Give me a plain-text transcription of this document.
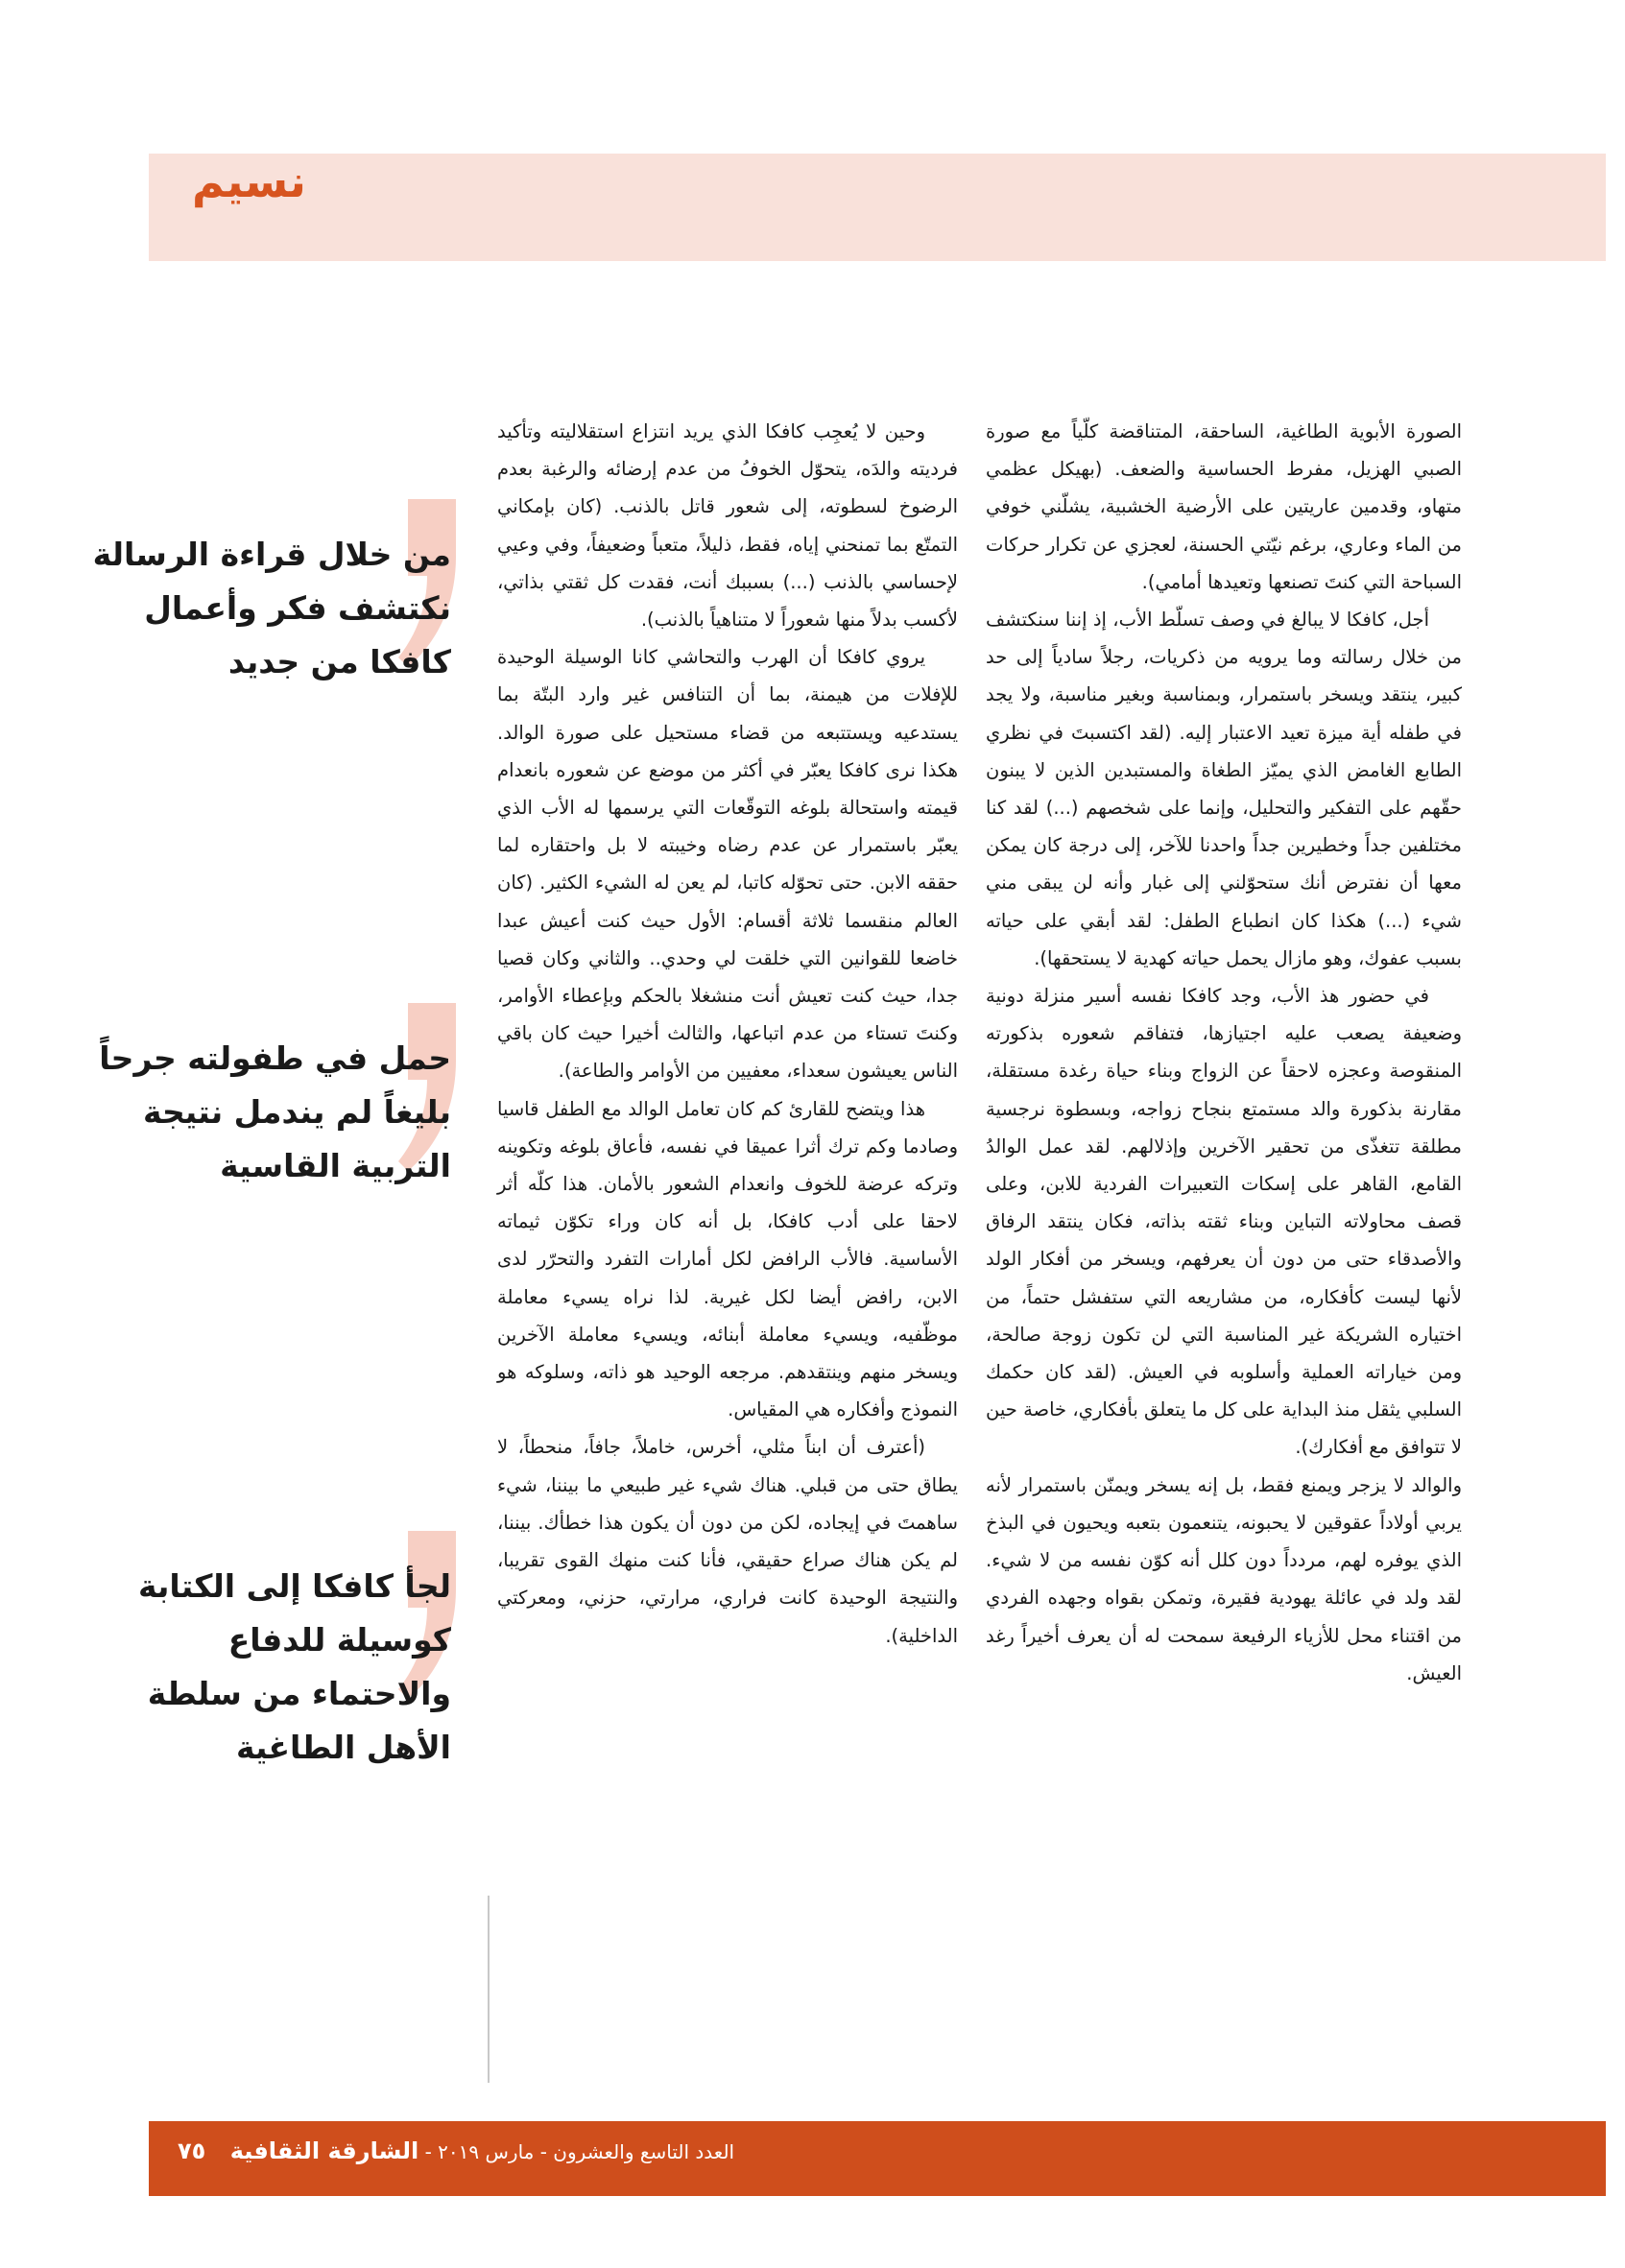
نسيم

الصورة الأبوية الطاغية، الساحقة، المتناقضة كلّياً مع صورة الصبي الهزيل، مفرط الحساسية والضعف. (بهيكل عظمي متهاو، وقدمين عاريتين على الأرضية الخشبية، يشلّني خوفي من الماء وعاري، برغم نيّتي الحسنة، لعجزي عن تكرار حركات السباحة التي كنتَ تصنعها وتعيدها أمامي).

أجل، كافكا لا يبالغ في وصف تسلّط الأب، إذ إننا سنكتشف من خلال رسالته وما يرويه من ذكريات، رجلاً سادياً إلى حد كبير، ينتقد ويسخر باستمرار، وبمناسبة وبغير مناسبة، ولا يجد في طفله أية ميزة تعيد الاعتبار إليه. (لقد اكتسبتَ في نظري الطابع الغامض الذي يميّز الطغاة والمستبدين الذين لا يبنون حقّهم على التفكير والتحليل، وإنما على شخصهم (...) لقد كنا مختلفين جداً وخطيرين جداً واحدنا للآخر، إلى درجة كان يمكن معها أن نفترض أنك ستحوّلني إلى غبار وأنه لن يبقى مني شيء (...) هكذا كان انطباع الطفل: لقد أبقي على حياته بسبب عفوك، وهو مازال يحمل حياته كهدية لا يستحقها).

في حضور هذ الأب، وجد كافكا نفسه أسير منزلة دونية وضعيفة يصعب عليه اجتيازها، فتفاقم شعوره بذكورته المنقوصة وعجزه لاحقاً عن الزواج وبناء حياة رغدة مستقلة، مقارنة بذكورة والد مستمتع بنجاح زواجه، وبسطوة نرجسية مطلقة تتغذّى من تحقير الآخرين وإذلالهم. لقد عمل الوالدُ القامع، القاهر على إسكات التعبيرات الفردية للابن، وعلى قصف محاولاته التباين وبناء ثقته بذاته، فكان ينتقد الرفاق والأصدقاء حتى من دون أن يعرفهم، ويسخر من أفكار الولد لأنها ليست كأفكاره، من مشاريعه التي ستفشل حتماً، من اختياره الشريكة غير المناسبة التي لن تكون زوجة صالحة، ومن خياراته العملية وأسلوبه في العيش. (لقد كان حكمك السلبي يثقل منذ البداية على كل ما يتعلق بأفكاري، خاصة حين لا تتوافق مع أفكارك).

والوالد لا يزجر ويمنع فقط، بل إنه يسخر ويمنّن باستمرار لأنه يربي أولاداً عقوقين لا يحبونه، يتنعمون بتعبه ويحيون في البذخ الذي يوفره لهم، مردداً دون كلل أنه كوّن نفسه من لا شيء. لقد ولد في عائلة يهودية فقيرة، وتمكن بقواه وجهده الفردي من اقتناء محل للأزياء الرفيعة سمحت له أن يعرف أخيراً رغد العيش.

وحين لا يُعجِب كافكا الذي يريد انتزاع استقلاليته وتأكيد فرديته والدَه، يتحوّل الخوفُ من عدم إرضائه والرغبة بعدم الرضوخ لسطوته، إلى شعور قاتل بالذنب. (كان بإمكاني التمتّع بما تمنحني إياه، فقط، ذليلاً، متعباً وضعيفاً، وفي وعيي لإحساسي بالذنب (...) بسببك أنت، فقدت كل ثقتي بذاتي، لأكسب بدلاً منها شعوراً لا متناهياً بالذنب).

يروي كافكا أن الهرب والتحاشي كانا الوسيلة الوحيدة للإفلات من هيمنة، بما أن التنافس غير وارد البتّة بما يستدعيه ويستتبعه من قضاء مستحيل على صورة الوالد. هكذا نرى كافكا يعبّر في أكثر من موضع عن شعوره بانعدام قيمته واستحالة بلوغه التوقّعات التي يرسمها له الأب الذي يعبّر باستمرار عن عدم رضاه وخيبته لا بل واحتقاره لما حققه الابن. حتى تحوّله كاتبا، لم يعن له الشيء الكثير. (كان العالم منقسما ثلاثة أقسام: الأول حيث كنت أعيش عبدا خاضعا للقوانين التي خلقت لي وحدي.. والثاني وكان قصيا جدا، حيث كنت تعيش أنت منشغلا بالحكم وبإعطاء الأوامر، وكنتَ تستاء من عدم اتباعها، والثالث أخيرا حيث كان باقي الناس يعيشون سعداء، معفيين من الأوامر والطاعة).

هذا ويتضح للقارئ كم كان تعامل الوالد مع الطفل قاسيا وصادما وكم ترك أثرا عميقا في نفسه، فأعاق بلوغه وتكوينه وتركه عرضة للخوف وانعدام الشعور بالأمان. هذا كلّه أثر لاحقا على أدب كافكا، بل أنه كان وراء تكوّن ثيماته الأساسية. فالأب الرافض لكل أمارات التفرد والتحرّر لدى الابن، رافض أيضا لكل غيرية. لذا نراه يسيء معاملة موظّفيه، ويسيء معاملة أبنائه، ويسيء معاملة الآخرين ويسخر منهم وينتقدهم. مرجعه الوحيد هو ذاته، وسلوكه هو النموذج وأفكاره هي المقياس.

(أعترف أن ابناً مثلي، أخرس، خاملاً، جافاً، منحطاً، لا يطاق حتى من قبلي. هناك شيء غير طبيعي ما بيننا، شيء ساهمتَ في إيجاده، لكن من دون أن يكون هذا خطأك. بيننا، لم يكن هناك صراع حقيقي، فأنا كنت منهك القوى تقريبا، والنتيجة الوحيدة كانت فراري، مرارتي، حزني، ومعركتي الداخلية).

من خلال قراءة الرسالة نكتشف فكر وأعمال كافكا من جديد
حمل في طفولته جرحاً بليغاً لم يندمل نتيجة التربية القاسية
لجأ كافكا إلى الكتابة كوسيلة للدفاع والاحتماء من سلطة الأهل الطاغية
العدد التاسع والعشرون - مارس ٢٠١٩ - الشارقة الثقافية    ٧٥
